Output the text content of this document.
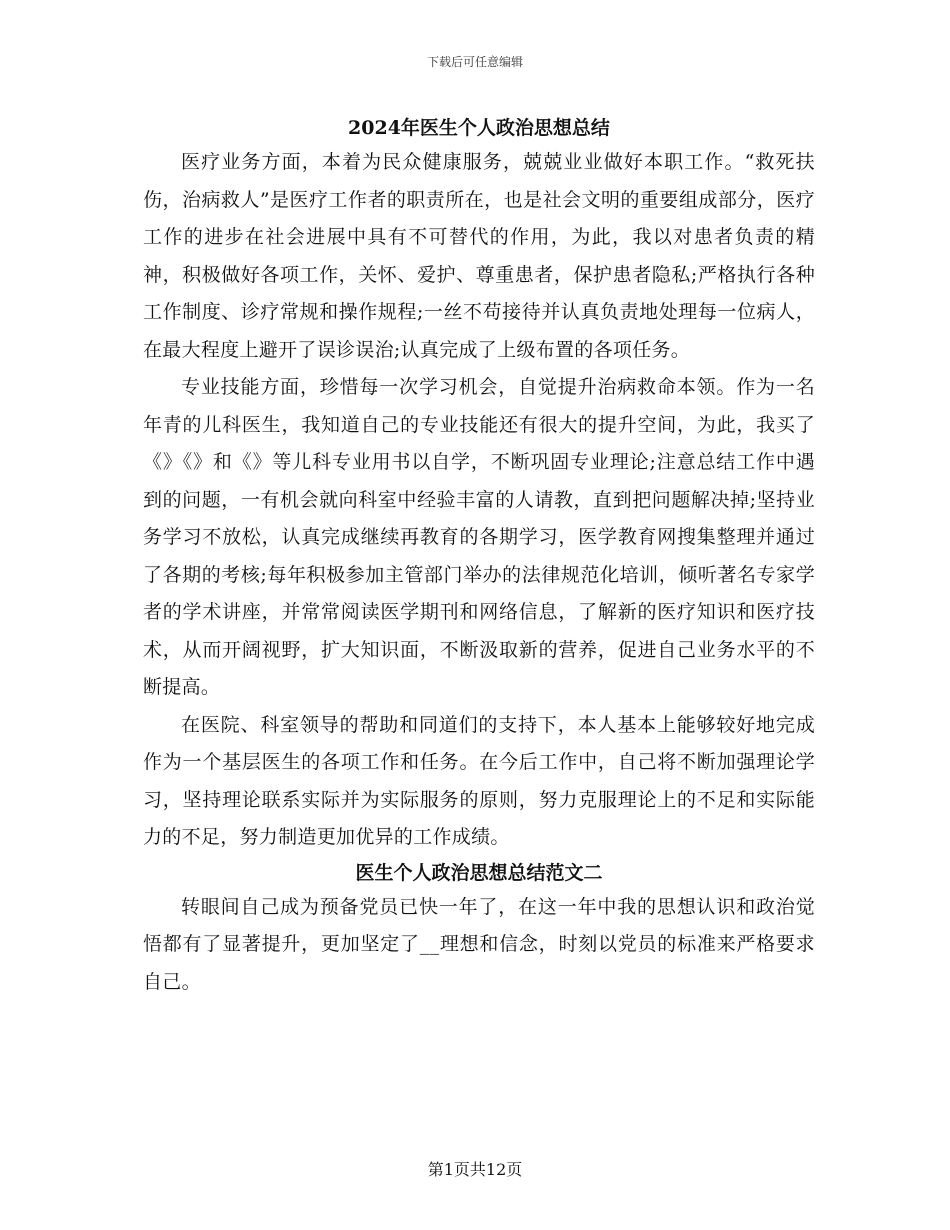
下载后可任意编辑
2024年医生个人政治思想总结

医疗业务方面，本着为民众健康服务，兢兢业业做好本职工作。“救死扶伤，治病救人”是医疗工作者的职责所在，也是社会文明的重要组成部分，医疗工作的进步在社会进展中具有不可替代的作用，为此，我以对患者负责的精神，积极做好各项工作，关怀、爱护、尊重患者，保护患者隐私;严格执行各种工作制度、诊疗常规和操作规程;一丝不苟接待并认真负责地处理每一位病人，在最大程度上避开了误诊误治;认真完成了上级布置的各项任务。

专业技能方面，珍惜每一次学习机会，自觉提升治病救命本领。作为一名年青的儿科医生，我知道自己的专业技能还有很大的提升空间，为此，我买了《》《》和《》等儿科专业用书以自学，不断巩固专业理论;注意总结工作中遇到的问题，一有机会就向科室中经验丰富的人请教，直到把问题解决掉;坚持业务学习不放松，认真完成继续再教育的各期学习，医学教育网搜集整理并通过了各期的考核;每年积极参加主管部门举办的法律规范化培训，倾听著名专家学者的学术讲座，并常常阅读医学期刊和网络信息，了解新的医疗知识和医疗技术，从而开阔视野，扩大知识面，不断汲取新的营养，促进自己业务水平的不断提高。

在医院、科室领导的帮助和同道们的支持下，本人基本上能够较好地完成作为一个基层医生的各项工作和任务。在今后工作中，自己将不断加强理论学习，坚持理论联系实际并为实际服务的原则，努力克服理论上的不足和实际能力的不足，努力制造更加优异的工作成绩。

医生个人政治思想总结范文二

转眼间自己成为预备党员已快一年了，在这一年中我的思想认识和政治觉悟都有了显著提升，更加坚定了__理想和信念，时刻以党员的标准来严格要求自己。

第1页共12页
